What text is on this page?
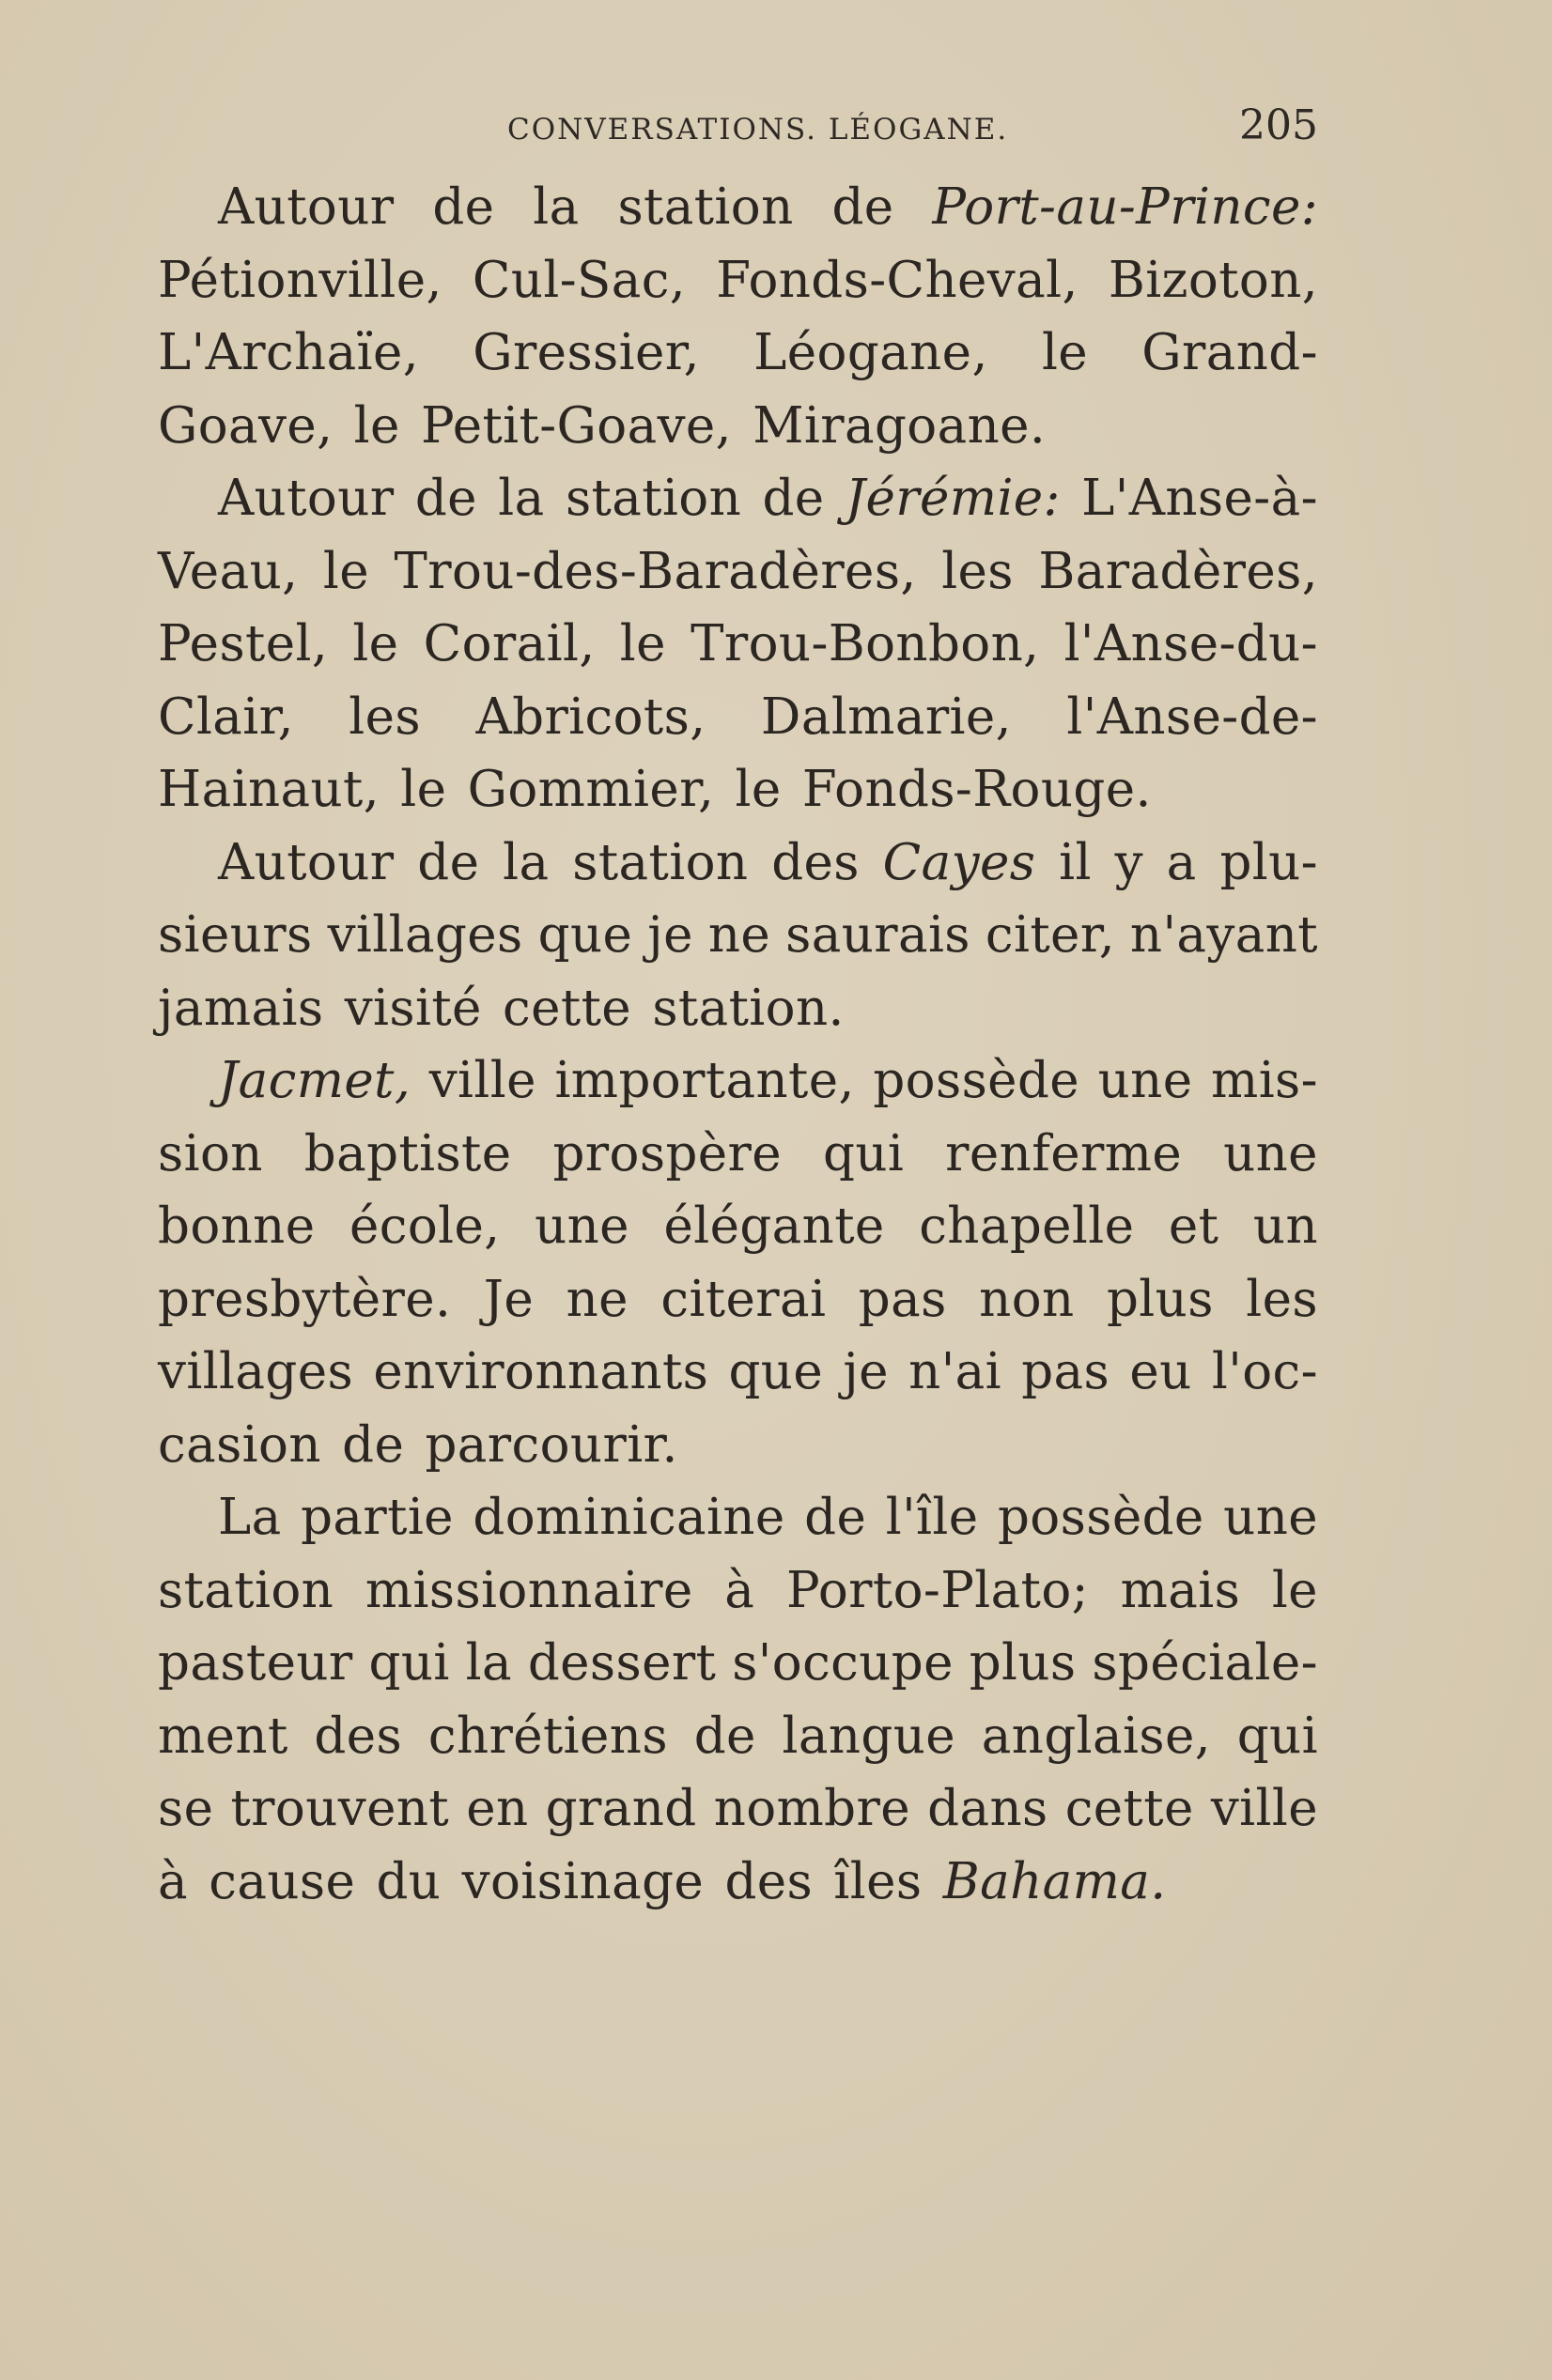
CONVERSATIONS. LÉOGANE.	205
Autour de la station de Port-au-Prince:
Pétionville, Cul-Sac, Fonds-Cheval, Bizoton,
L'Archaïe, Gressier, Léogane, le Grand-
Goave, le Petit-Goave, Miragoane.
Autour de la station de Jérémie: L'Anse-à-
Veau, le Trou-des-Baradères, les Baradères,
Pestel, le Corail, le Trou-Bonbon, l'Anse-du-
Clair, les Abricots, Dalmarie, l'Anse-de-
Hainaut, le Gommier, le Fonds-Rouge.
Autour de la station des Cayes il y a plu-
sieurs villages que je ne saurais citer, n'ayant
jamais visité cette station.
Jacmet, ville importante, possède une mis-
sion baptiste prospère qui renferme une
bonne école, une élégante chapelle et un
presbytère. Je ne citerai pas non plus les
villages environnants que je n'ai pas eu l'oc-
casion de parcourir.
La partie dominicaine de l'île possède une
station missionnaire à Porto-Plato; mais le
pasteur qui la dessert s'occupe plus spéciale-
ment des chrétiens de langue anglaise, qui
se trouvent en grand nombre dans cette ville
à cause du voisinage des îles Bahama.
